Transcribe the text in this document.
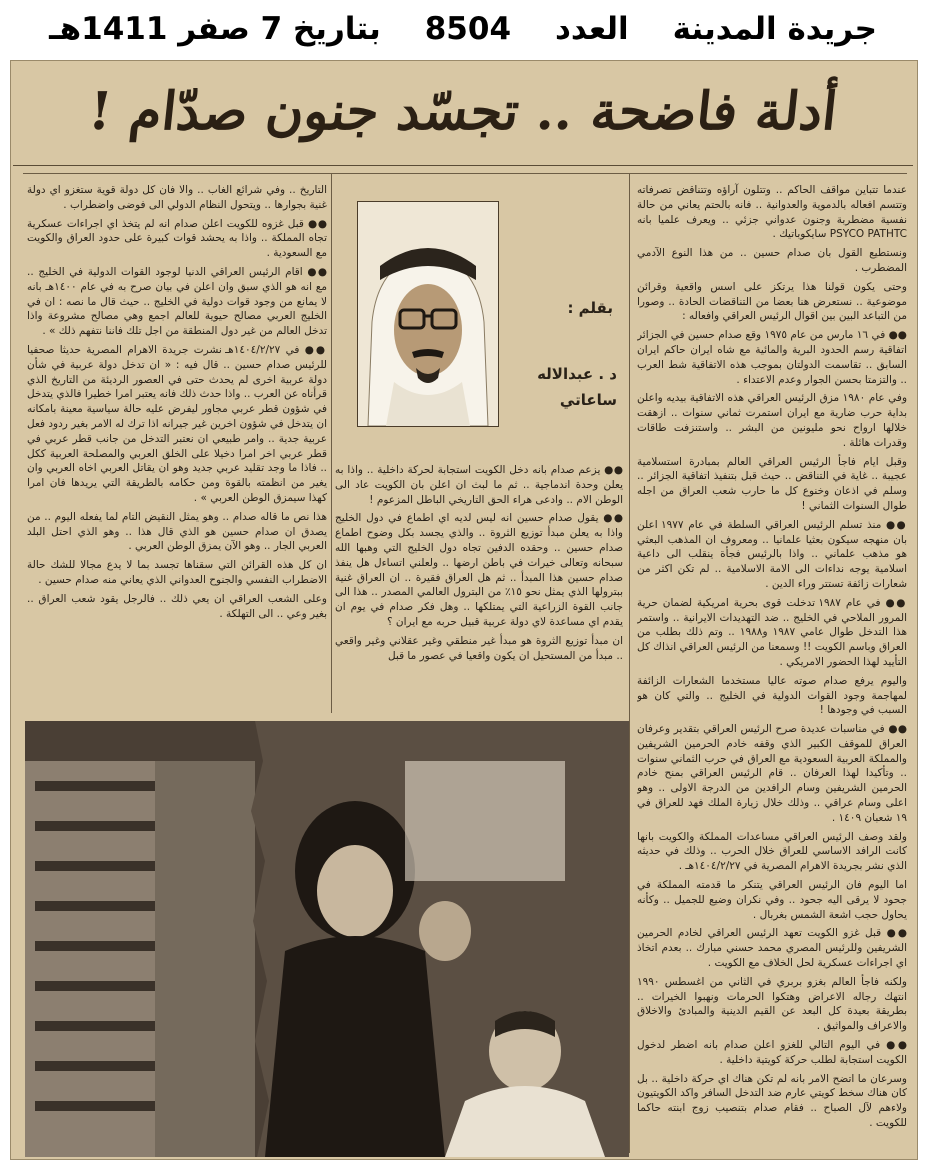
جريدة المدينة
العدد
8504
بتاريخ 7 صفر 1411هـ
أدلة فاضحة .. تجسّد جنون صدّام !
بقلم :
د . عبدالاله ساعاتي

عندما تتباين مواقف الحاكم .. وتتلون آراؤه وتتناقض تصرفاته وتتسم افعاله بالدموية والعدوانية .. فانه بالحتم يعاني من حالة نفسية مضطربة وجنون عدواني جزئي .. ويعرف علميا بانه PSYCO PATHTC سايكوباتيك .

ونستطيع القول بان صدام حسين .. من هذا النوع الآدمي المضطرب .

وحتى يكون قولنا هذا يرتكز على اسس واقعية وقرائن موضوعية .. نستعرض هنا بعضا من التناقضات الحادة .. وصورا من التباعد البين بين اقوال الرئيس العراقي وافعاله :

●● في ١٦ مارس من عام ١٩٧٥ وقع صدام حسين في الجزائر اتفاقية رسم الحدود البرية والمائية مع شاه ايران حاكم ايران السابق .. تقاسمت الدولتان بموجب هذه الاتفاقية شط العرب .. والتزمتا بحسن الجوار وعدم الاعتداء .

وفي عام ١٩٨٠ مزق الرئيس العراقي هذه الاتفاقية بيديه واعلن بداية حرب ضارية مع ايران استمرت ثماني سنوات .. ازهقت خلالها ارواح نحو مليونين من البشر .. واستنزفت طاقات وقدرات هائلة .

وقبل ايام فاجأ الرئيس العراقي العالم بمبادرة استسلامية عجيبة .. غاية في التناقض .. حيث قبل بتنفيذ اتفاقية الجزائر .. وسلم في اذعان وخنوع كل ما حارب شعب العراق من اجله طوال السنوات الثماني !

●● منذ تسلم الرئيس العراقي السلطة في عام ١٩٧٧ اعلن بان منهجه سيكون بعثيا علمانيا .. ومعروف ان المذهب البعثي هو مذهب علماني .. واذا بالرئيس فجأة ينقلب الى داعية اسلامية يوجه نداءات الى الامة الاسلامية .. لم تكن اكثر من شعارات زائفة تستتر وراء الدين .

●● في عام ١٩٨٧ تدخلت قوى بحرية امريكية لضمان حرية المرور الملاحي في الخليج .. ضد التهديدات الايرانية .. واستمر هذا التدخل طوال عامي ١٩٨٧ و١٩٨٨ .. وتم ذلك بطلب من العراق وباسم الكويت !! وسمعنا من الرئيس العراقي انذاك كل التأييد لهذا الحضور الامريكي .

واليوم يرفع صدام صوته عاليا مستخدما الشعارات الزائفة لمهاجمة وجود القوات الدولية في الخليج .. والتي كان هو السبب في وجودها !

●● في مناسبات عديدة صرح الرئيس العراقي بتقدير وعرفان العراق للموقف الكبير الذي وقفه خادم الحرمين الشريفين والمملكة العربية السعودية مع العراق في حرب الثماني سنوات .. وتأكيدا لهذا العرفان .. قام الرئيس العراقي بمنح خادم الحرمين الشريفين وسام الرافدين من الدرجة الاولى .. وهو اعلى وسام عراقي .. وذلك خلال زيارة الملك فهد للعراق في ١٩ شعبان ١٤٠٩ .

ولقد وصف الرئيس العراقي مساعدات المملكة والكويت بانها كانت الرافد الاساسي للعراق خلال الحرب .. وذلك في حديثه الذي نشر بجريدة الاهرام المصرية في ١٤٠٤/٢/٢٧هـ .

اما اليوم فان الرئيس العراقي يتنكر ما قدمته المملكة في جحود لا يرقى اليه جحود .. وفي نكران وضيع للجميل .. وكأنه يحاول حجب اشعة الشمس بغربال .

●● قبل غزو الكويت تعهد الرئيس العراقي لخادم الحرمين الشريفين وللرئيس المصري محمد حسني مبارك .. بعدم اتخاذ اي اجراءات عسكرية لحل الخلاف مع الكويت .

ولكنه فاجأ العالم بغزو بربري في الثاني من اغسطس ١٩٩٠ انتهك رجاله الاعراض وهتكوا الحرمات ونهبوا الخيرات .. بطريقة بعيدة كل البعد عن القيم الدينية والمبادئ والاخلاق والاعراف والمواثيق .

●● في اليوم التالي للغزو اعلن صدام بانه اضطر لدخول الكويت استجابة لطلب حركة كويتية داخلية .

وسرعان ما اتضح الامر بانه لم تكن هناك اي حركة داخلية .. بل كان هناك سخط كويتي عارم ضد التدخل السافر واكد الكويتيون ولاءهم لآل الصباح .. فقام صدام بتنصيب زوج ابنته حاكما للكويت .

●● يزعم صدام بانه دخل الكويت استجابة لحركة داخلية .. واذا به يعلن وحدة اندماجية .. ثم ما لبث ان اعلن بان الكويت عاد الى الوطن الام .. وادعى هراء الحق التاريخي الباطل المزعوم !

●● يقول صدام حسين انه ليس لديه اي اطماع في دول الخليج واذا به يعلن مبدأ توزيع الثروة .. والذي يجسد بكل وضوح اطماع صدام حسين .. وحقده الدفين تجاه دول الخليج التي وهبها الله سبحانه وتعالى خيرات في باطن ارضها .. ولعلني اتساءل هل ينفذ صدام حسين هذا المبدأ .. ثم هل العراق فقيرة .. ان العراق غنية ببترولها الذي يمثل نحو ١٥٪ من البترول العالمي المصدر .. هذا الى جانب القوة الزراعية التي يمتلكها .. وهل فكر صدام في يوم ان يقدم اي مساعدة لاي دولة عربية قبيل حربه مع ايران ؟

ان مبدأ توزيع الثروة هو مبدأ غير منطقي وغير عقلاني وغير واقعي .. مبدأ من المستحيل ان يكون واقعيا في عصور ما قبل

التاريخ .. وفي شرائع الغاب .. والا فان كل دولة قوية ستغزو اي دولة غنية بجوارها .. ويتحول النظام الدولي الى فوضى واضطراب .

●● قبل غزوه للكويت اعلن صدام انه لم يتخذ اي اجراءات عسكرية تجاه المملكة .. واذا به يحشد قوات كبيرة على حدود العراق والكويت مع السعودية .

●● اقام الرئيس العراقي الدنيا لوجود القوات الدولية في الخليج .. مع انه هو الذي سبق وان اعلن في بيان صرح به في عام ١٤٠٠هـ بانه لا يمانع من وجود قوات دولية في الخليج .. حيث قال ما نصه : ان في الخليج العربي مصالح حيوية للعالم اجمع وهي مصالح مشروعة واذا تدخل العالم من غير دول المنطقة من اجل تلك فاننا نتفهم ذلك » .

●● في ١٤٠٤/٢/٢٧هـ نشرت جريدة الاهرام المصرية حديثا صحفيا للرئيس صدام حسين .. قال فيه : « ان تدخل دولة عربية في شأن دولة عربية اخرى لم يحدث حتى في العصور الرديئة من التاريخ الذي قرأناه عن العرب .. واذا حدث ذلك فانه يعتبر امرا خطيرا فالذي يتدخل في شؤون قطر عربي مجاور ليفرض عليه حالة سياسية معينة بامكانه ان يتدخل في شؤون اخرين غير جيرانه اذا ترك له الامر بغير ردود فعل عربية جدية .. وامر طبيعي ان نعتبر التدخل من جانب قطر عربي في قطر عربي اخر امرا دخيلا على الخلق العربي والمصلحة العربية ككل .. فاذا ما وجد تقليد عربي جديد وهو ان يقاتل العربي اخاه العربي وان يغير من انظمته بالقوة ومن حكامه بالطريقة التي يريدها فان امرا كهذا سيمزق الوطن العربي » .

هذا نص ما قاله صدام .. وهو يمثل النقيض التام لما يفعله اليوم .. من يصدق ان صدام حسين هو الذي قال هذا .. وهو الذي احتل البلد العربي الجار .. وهو الآن يمزق الوطن العربي .

ان كل هذه القرائن التي سقناها تجسد بما لا يدع مجالا للشك حالة الاضطراب النفسي والجنوح العدواني الذي يعاني منه صدام حسين .

وعلى الشعب العراقي ان يعي ذلك .. فالرجل يقود شعب العراق .. بغير وعي .. الى التهلكة .
